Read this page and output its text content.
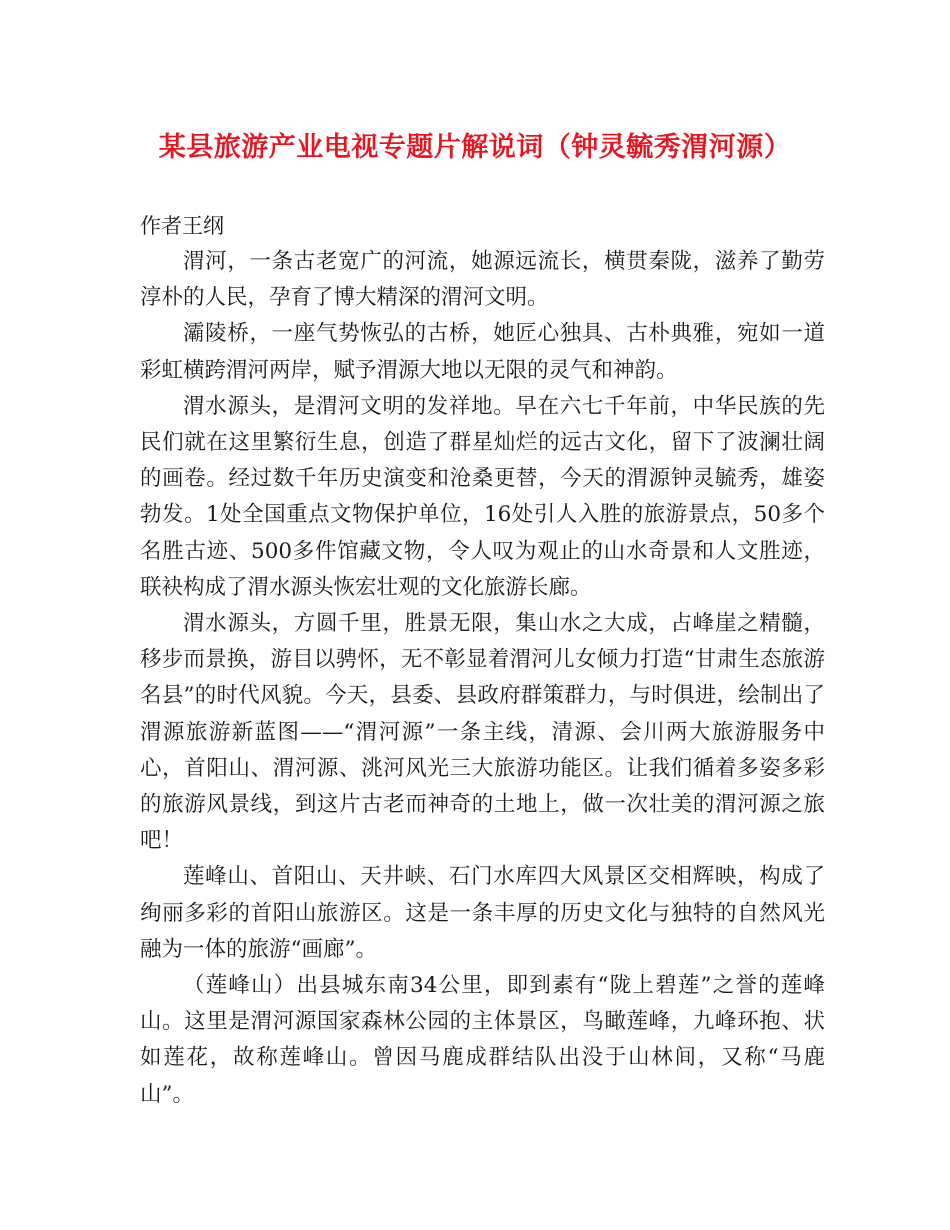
某县旅游产业电视专题片解说词（钟灵毓秀渭河源）
作者王纲

渭河，一条古老宽广的河流，她源远流长，横贯秦陇，滋养了勤劳淳朴的人民，孕育了博大精深的渭河文明。

灞陵桥，一座气势恢弘的古桥，她匠心独具、古朴典雅，宛如一道彩虹横跨渭河两岸，赋予渭源大地以无限的灵气和神韵。

渭水源头，是渭河文明的发祥地。早在六七千年前，中华民族的先民们就在这里繁衍生息，创造了群星灿烂的远古文化，留下了波澜壮阔的画卷。经过数千年历史演变和沧桑更替，今天的渭源钟灵毓秀，雄姿勃发。1处全国重点文物保护单位，16处引人入胜的旅游景点，50多个名胜古迹、500多件馆藏文物，令人叹为观止的山水奇景和人文胜迹，联袂构成了渭水源头恢宏壮观的文化旅游长廊。

渭水源头，方圆千里，胜景无限，集山水之大成，占峰崖之精髓，移步而景换，游目以骋怀，无不彰显着渭河儿女倾力打造“甘肃生态旅游名县”的时代风貌。今天，县委、县政府群策群力，与时俱进，绘制出了渭源旅游新蓝图——“渭河源”一条主线，清源、会川两大旅游服务中心，首阳山、渭河源、洮河风光三大旅游功能区。让我们循着多姿多彩的旅游风景线，到这片古老而神奇的土地上，做一次壮美的渭河源之旅吧！

莲峰山、首阳山、天井峡、石门水库四大风景区交相辉映，构成了绚丽多彩的首阳山旅游区。这是一条丰厚的历史文化与独特的自然风光融为一体的旅游“画廊”。

（莲峰山）出县城东南34公里，即到素有“陇上碧莲”之誉的莲峰山。这里是渭河源国家森林公园的主体景区，鸟瞰莲峰，九峰环抱、状如莲花，故称莲峰山。曾因马鹿成群结队出没于山林间，又称“马鹿山”。
